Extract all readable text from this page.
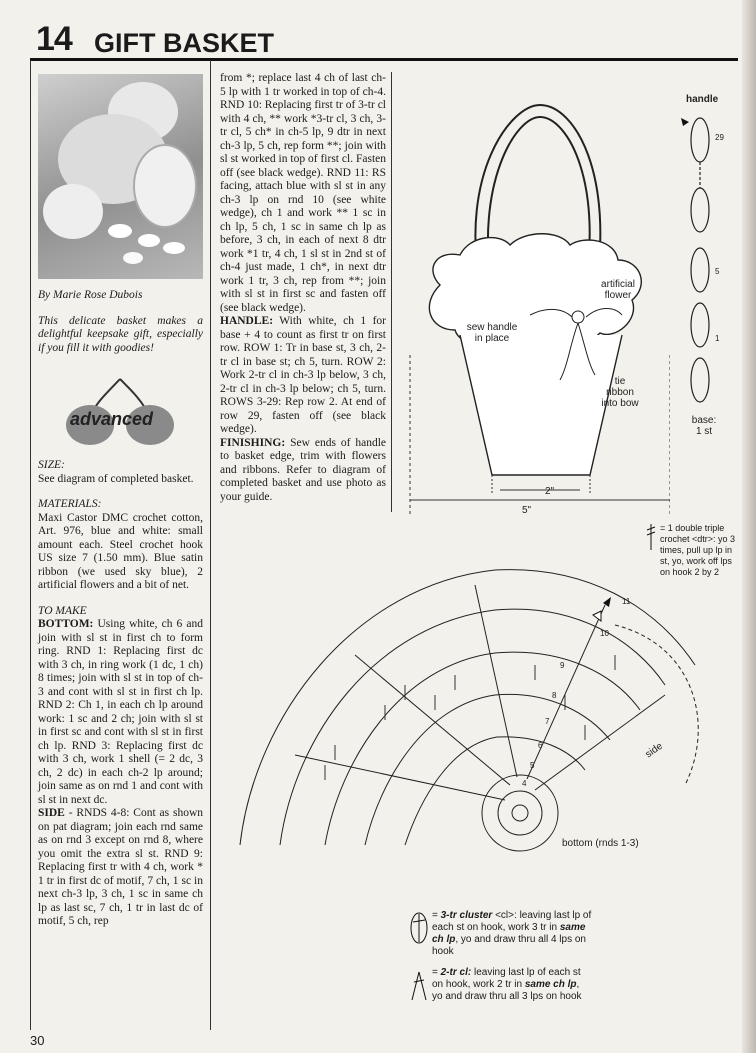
14 GIFT BASKET

By Marie Rose Dubois

This delicate basket makes a delightful keepsake gift, especially if you fill it with goodies!

advanced

SIZE:

See diagram of completed basket.

MATERIALS:

Maxi Castor DMC crochet cotton, Art. 976, blue and white: small amount each. Steel crochet hook US size 7 (1.50 mm). Blue satin ribbon (we used sky blue), 2 artificial flowers and a bit of net.

TO MAKE

BOTTOM: Using white, ch 6 and join with sl st in first ch to form ring. RND 1: Replacing first dc with 3 ch, in ring work (1 dc, 1 ch) 8 times; join with sl st in top of ch-3 and cont with sl st in first ch lp. RND 2: Ch 1, in each ch lp around work: 1 sc and 2 ch; join with sl st in first sc and cont with sl st in first ch lp. RND 3: Replacing first dc with 3 ch, work 1 shell (= 2 dc, 3 ch, 2 dc) in each ch-2 lp around; join same as on rnd 1 and cont with sl st in next dc.

SIDE - RNDS 4-8: Cont as shown on pat diagram; join each rnd same as on rnd 3 except on rnd 8, where you omit the extra sl st. RND 9: Replacing first tr with 4 ch, work * 1 tr in first dc of motif, 7 ch, 1 sc in next ch-3 lp, 3 ch, 1 sc in same ch lp as last sc, 7 ch, 1 tr in last dc of motif, 5 ch, rep

from *; replace last 4 ch of last ch-5 lp with 1 tr worked in top of ch-4. RND 10: Replacing first tr of 3-tr cl with 4 ch, ** work *3-tr cl, 3 ch, 3-tr cl, 5 ch* in ch-5 lp, 9 dtr in next ch-3 lp, 5 ch, rep form **; join with sl st worked in top of first cl. Fasten off (see black wedge). RND 11: RS facing, attach blue with sl st in any ch-3 lp on rnd 10 (see white wedge), ch 1 and work ** 1 sc in ch lp, 5 ch, 1 sc in same ch lp as before, 3 ch, in each of next 8 dtr work *1 tr, 4 ch, 1 sl st in 2nd st of ch-4 just made, 1 ch*, in next dtr work 1 tr, 3 ch, rep from **; join with sl st in first sc and fasten off (see black wedge).

HANDLE: With white, ch 1 for base + 4 to count as first tr on first row. ROW 1: Tr in base st, 3 ch, 2-tr cl in base st; ch 5, turn. ROW 2: Work 2-tr cl in ch-3 lp below, 3 ch, 2-tr cl in ch-3 lp below; ch 5, turn. ROWS 3-29: Rep row 2. At end of row 29, fasten off (see black wedge).

FINISHING: Sew ends of handle to basket edge, trim with flowers and ribbons. Refer to diagram of completed basket and use photo as your guide.

artificial flower
sew handle in place
tie ribbon into bow
2"
5"
handle
29
5
1
base: 1 st
= 1 double triple crochet <dtr>: yo 3 times, pull up lp in st, yo, work off lps on hook 2 by 2
11
10
9
8
7
6
5
4
side
bottom (rnds 1-3)
= 3-tr cluster <cl>: leaving last lp of each st on hook, work 3 tr in same ch lp, yo and draw thru all 4 lps on hook
= 2-tr cl: leaving last lp of each st on hook, work 2 tr in same ch lp, yo and draw thru all 3 lps on hook
30
